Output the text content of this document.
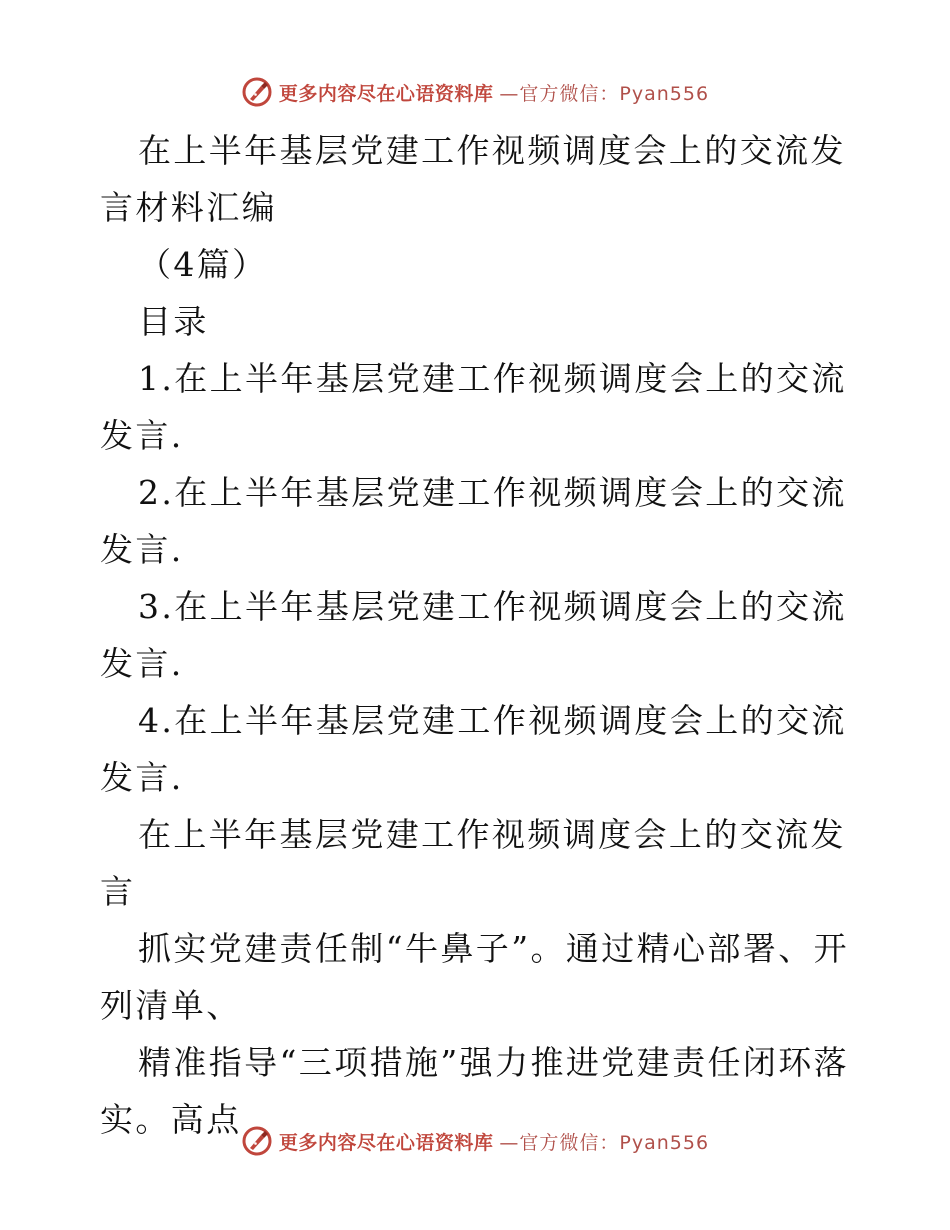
更多内容尽在心语资料库 —官方微信：Pyan556

在上半年基层党建工作视频调度会上的交流发言材料汇编

（4篇）

目录

1.在上半年基层党建工作视频调度会上的交流发言.

2.在上半年基层党建工作视频调度会上的交流发言.

3.在上半年基层党建工作视频调度会上的交流发言.

4.在上半年基层党建工作视频调度会上的交流发言.

在上半年基层党建工作视频调度会上的交流发言

抓实党建责任制“牛鼻子”。通过精心部署、开列清单、

精准指导“三项措施”强力推进党建责任闭环落实。高点

更多内容尽在心语资料库 —官方微信：Pyan556
